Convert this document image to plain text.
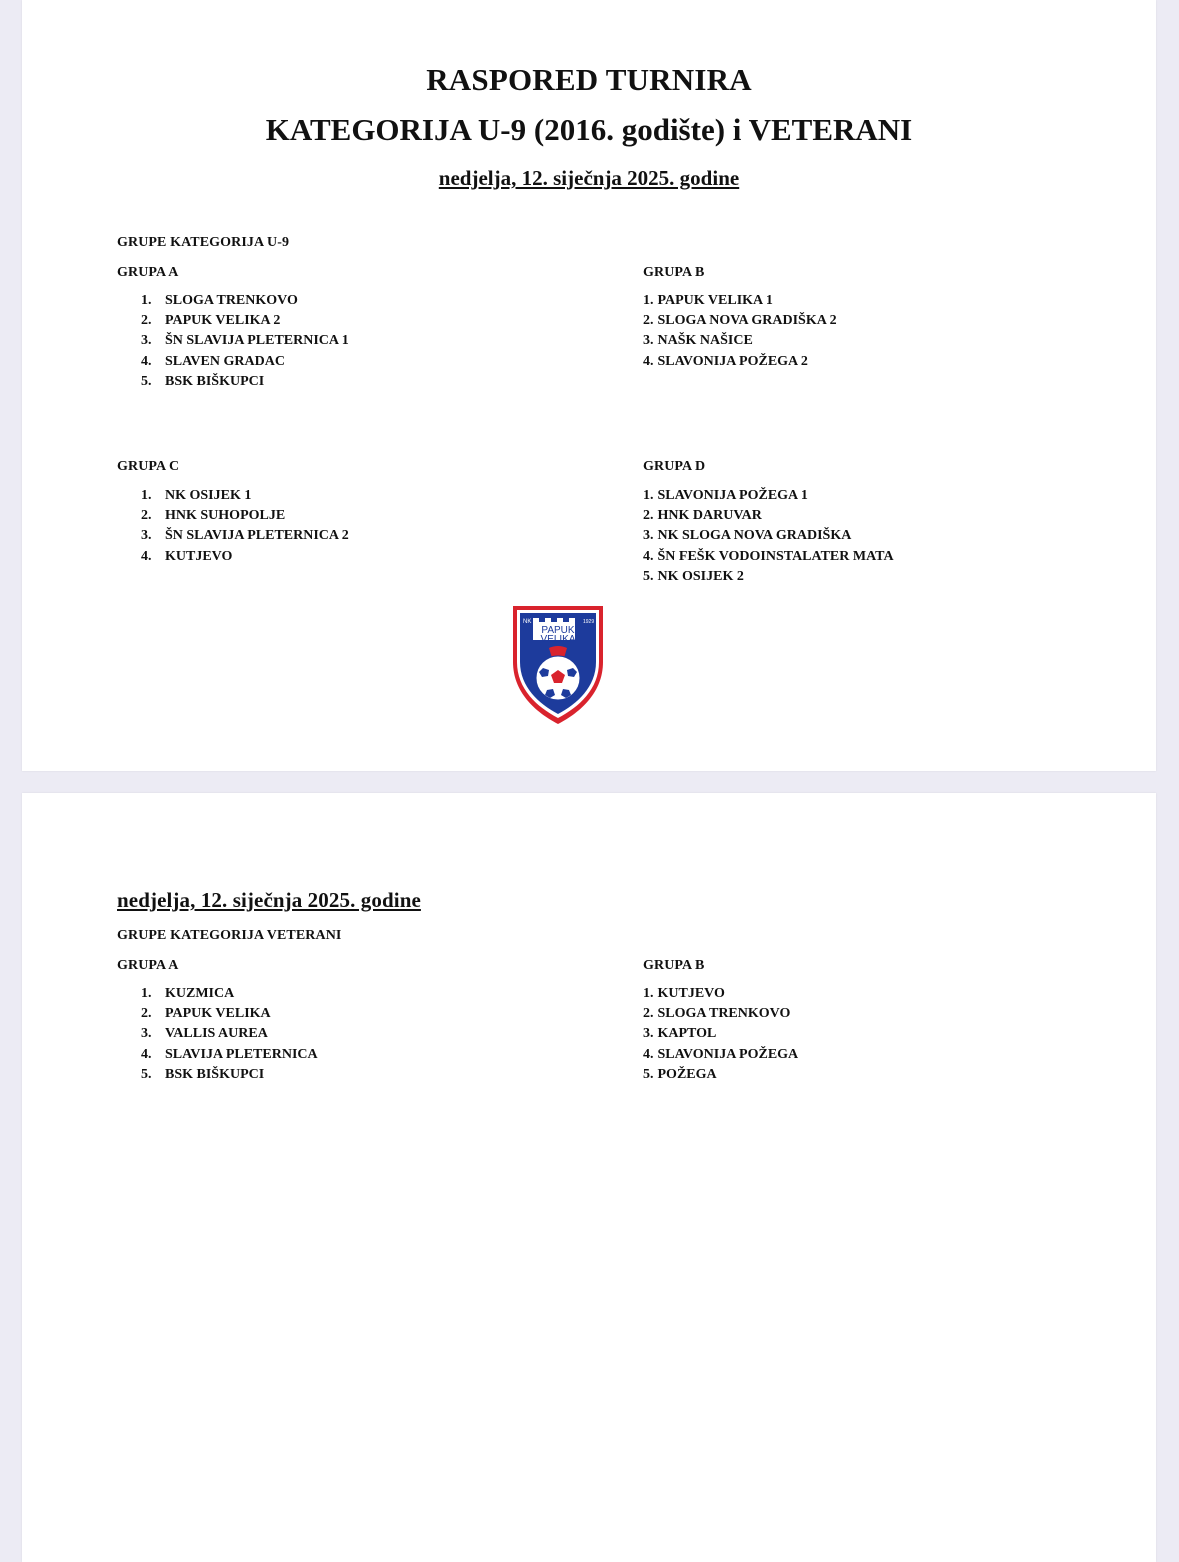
RASPORED TURNIRA
KATEGORIJA U-9 (2016. godište) i VETERANI
nedjelja, 12. siječnja 2025. godine
GRUPE KATEGORIJA U-9
GRUPA A
1. SLOGA TRENKOVO
2. PAPUK VELIKA 2
3. ŠN SLAVIJA PLETERNICA 1
4. SLAVEN GRADAC
5. BSK BIŠKUPCI
GRUPA B
1. PAPUK VELIKA 1
2. SLOGA NOVA GRADIŠKA 2
3. NAŠK NAŠICE
4. SLAVONIJA POŽEGA 2
GRUPA C
1. NK OSIJEK 1
2. HNK SUHOPOLJE
3. ŠN SLAVIJA PLETERNICA 2
4. KUTJEVO
GRUPA D
1. SLAVONIJA POŽEGA 1
2. HNK DARUVAR
3. NK SLOGA NOVA GRADIŠKA
4. ŠN FEŠK VODOINSTALATER MATA
5. NK OSIJEK 2
NK	1929
PAPUK
VELIKA
nedjelja, 12. siječnja 2025. godine
GRUPE KATEGORIJA VETERANI
GRUPA A
1. KUZMICA
2. PAPUK VELIKA
3. VALLIS AUREA
4. SLAVIJA PLETERNICA
5. BSK BIŠKUPCI
GRUPA B
1. KUTJEVO
2. SLOGA TRENKOVO
3. KAPTOL
4. SLAVONIJA POŽEGA
5. POŽEGA
